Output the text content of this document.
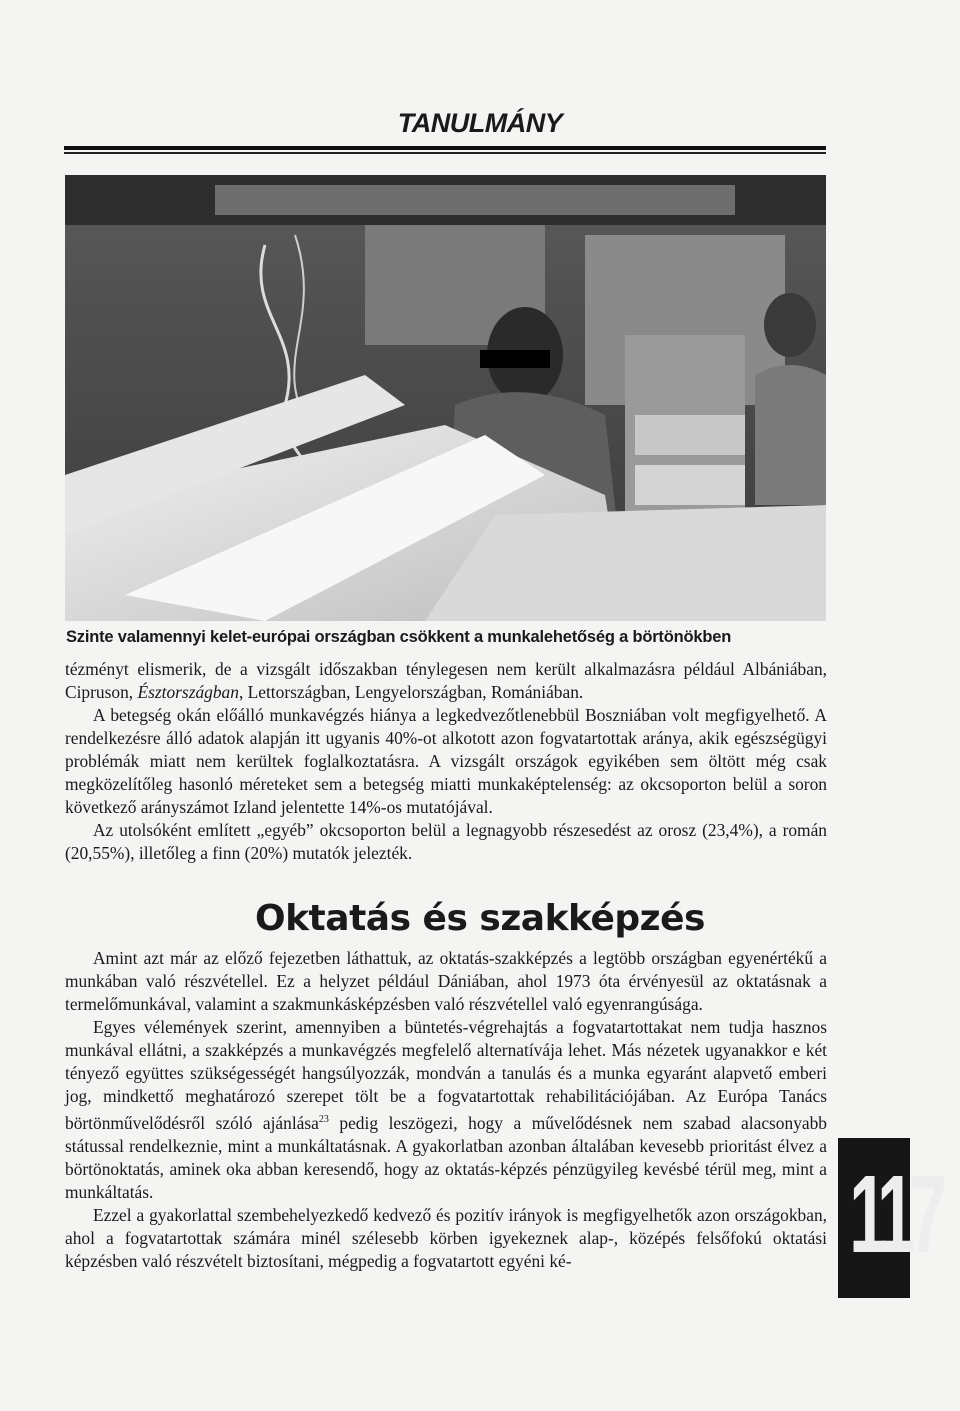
TANULMÁNY
Szinte valamennyi kelet-európai országban csökkent a munkalehetőség a börtönökben

tézményt elismerik, de a vizsgált időszakban ténylegesen nem került alkalmazásra például Albániában, Cipruson, Észtországban, Lettországban, Lengyelországban, Romániában.

A betegség okán előálló munkavégzés hiánya a legkedvezőtlenebbül Boszniában volt megfigyelhető. A rendelkezésre álló adatok alapján itt ugyanis 40%-ot alkotott azon fogvatartottak aránya, akik egészségügyi problémák miatt nem kerültek foglalkoztatásra. A vizsgált országok egyikében sem öltött még csak megközelítőleg hasonló méreteket sem a betegség miatti munkaképtelenség: az okcsoporton belül a soron következő arányszámot Izland jelentette 14%-os mutatójával.

Az utolsóként említett „egyéb” okcsoporton belül a legnagyobb részesedést az orosz (23,4%), a román (20,55%), illetőleg a finn (20%) mutatók jelezték.

Oktatás és szakképzés

Amint azt már az előző fejezetben láthattuk, az oktatás-szakképzés a legtöbb országban egyenértékű a munkában való részvétellel. Ez a helyzet például Dániában, ahol 1973 óta érvényesül az oktatásnak a termelőmunkával, valamint a szakmunkásképzésben való részvétellel való egyenrangúsága.

Egyes vélemények szerint, amennyiben a büntetés-végrehajtás a fogvatartottakat nem tudja hasznos munkával ellátni, a szakképzés a munkavégzés megfelelő alternatívája lehet. Más nézetek ugyanakkor e két tényező együttes szükségességét hangsúlyozzák, mondván a tanulás és a munka egyaránt alapvető emberi jog, mindkettő meghatározó szerepet tölt be a fogvatartottak rehabilitációjában. Az Európa Tanács börtönművelődésről szóló ajánlása$^{23}$ pedig leszögezi, hogy a művelődésnek nem szabad alacsonyabb státussal rendelkeznie, mint a munkáltatásnak. A gyakorlatban azonban általában kevesebb prioritást élvez a börtönoktatás, aminek oka abban keresendő, hogy az oktatás-képzés pénzügyileg kevésbé térül meg, mint a munkáltatás.

Ezzel a gyakorlattal szembehelyezkedő kedvező és pozitív irányok is megfigyelhetők azon országokban, ahol a fogvatartottak számára minél szélesebb körben igyekeznek alap-, középés felsőfokú oktatási képzésben való részvételt biztosítani, mégpedig a fogvatartott egyéni ké-	117
